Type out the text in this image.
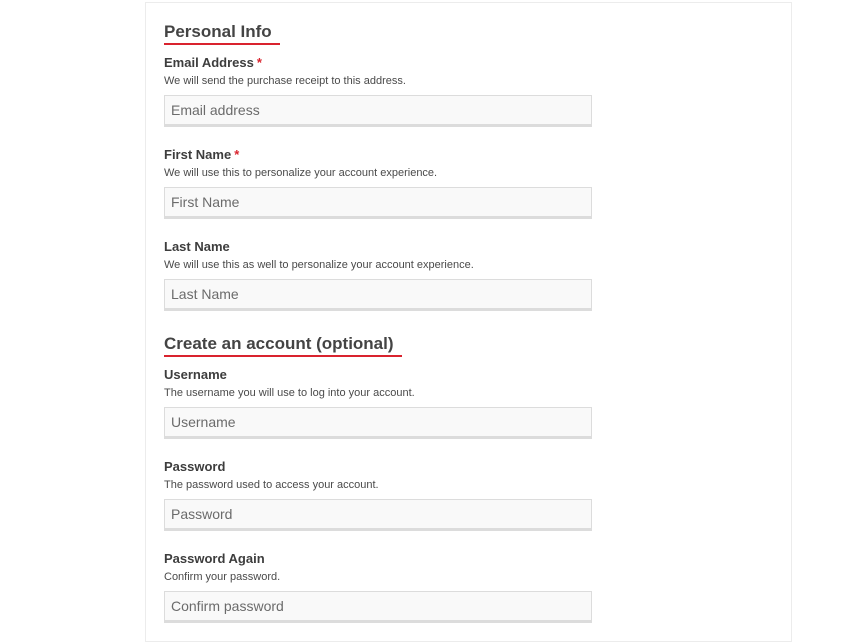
Personal Info
Email Address *
We will send the purchase receipt to this address.
Email address
First Name *
We will use this to personalize your account experience.
First Name
Last Name
We will use this as well to personalize your account experience.
Last Name
Create an account (optional)
Username
The username you will use to log into your account.
Username
Password
The password used to access your account.
Password Again
Confirm your password.
